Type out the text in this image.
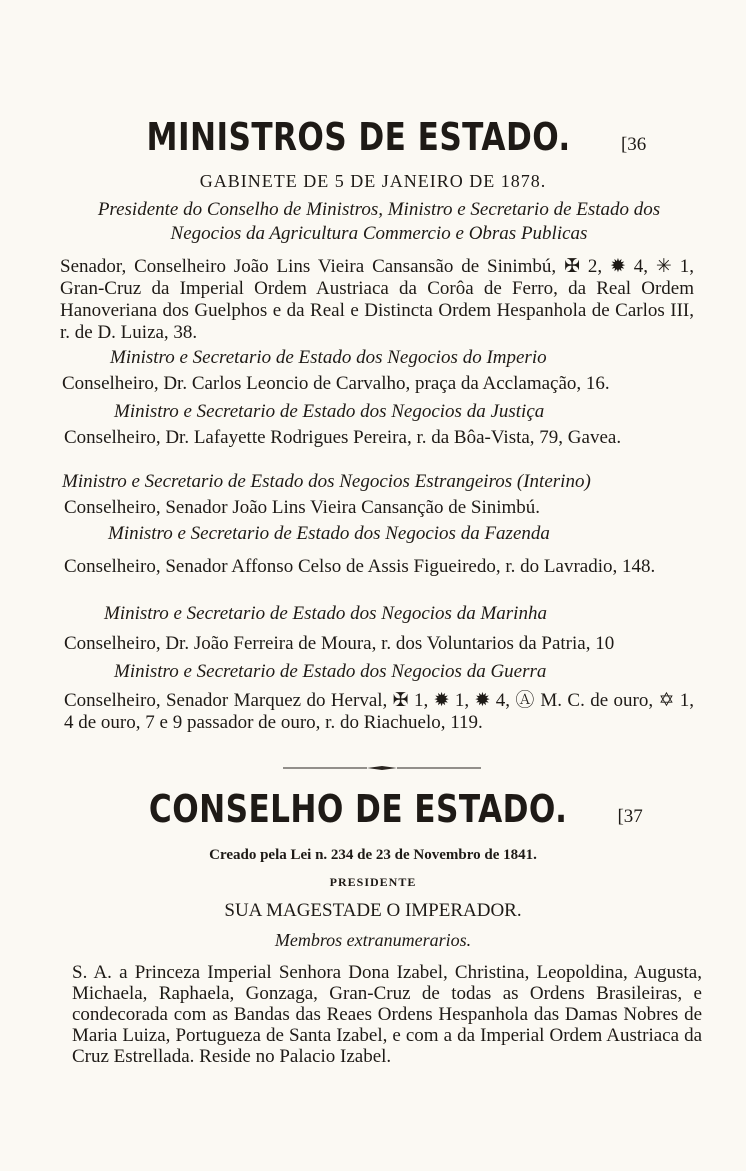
MINISTROS DE ESTADO.	[36
GABINETE DE 5 DE JANEIRO DE 1878.
Presidente do Conselho de Ministros, Ministro e Secretario de Estado dos Negocios da Agricultura Commercio e Obras Publicas
Senador, Conselheiro João Lins Vieira Cansansão de Sinimbú, ✠ 2, ✹ 4, ✳ 1, Gran-Cruz da Imperial Ordem Austriaca da Corôa de Ferro, da Real Ordem Hanoveriana dos Guelphos e da Real e Distincta Ordem Hespanhola de Carlos III, r. de D. Luiza, 38.
Ministro e Secretario de Estado dos Negocios do Imperio
Conselheiro, Dr. Carlos Leoncio de Carvalho, praça da Acclamação, 16.
Ministro e Secretario de Estado dos Negocios da Justiça
Conselheiro, Dr. Lafayette Rodrigues Pereira, r. da Bôa-Vista, 79, Gavea.
Ministro e Secretario de Estado dos Negocios Estrangeiros (Interino)
Conselheiro, Senador João Lins Vieira Cansanção de Sinimbú.
Ministro e Secretario de Estado dos Negocios da Fazenda
Conselheiro, Senador Affonso Celso de Assis Figueiredo, r. do Lavradio, 148.
Ministro e Secretario de Estado dos Negocios da Marinha
Conselheiro, Dr. João Ferreira de Moura, r. dos Voluntarios da Patria, 10
Ministro e Secretario de Estado dos Negocios da Guerra
Conselheiro, Senador Marquez do Herval, ✠ 1, ✹ 1, ✹ 4, Ⓐ M. C. de ouro, ✡ 1, 4 de ouro, 7 e 9 passador de ouro, r. do Riachuelo, 119.
CONSELHO DE ESTADO.	[37
Creado pela Lei n. 234 de 23 de Novembro de 1841.
PRESIDENTE
SUA MAGESTADE O IMPERADOR.
Membros extranumerarios.
S. A. a Princeza Imperial Senhora Dona Izabel, Christina, Leopoldina, Augusta, Michaela, Raphaela, Gonzaga, Gran-Cruz de todas as Ordens Brasileiras, e condecorada com as Bandas das Reaes Ordens Hespanhola das Damas Nobres de Maria Luiza, Portugueza de Santa Izabel, e com a da Imperial Ordem Austriaca da Cruz Estrellada. Reside no Palacio Izabel.
